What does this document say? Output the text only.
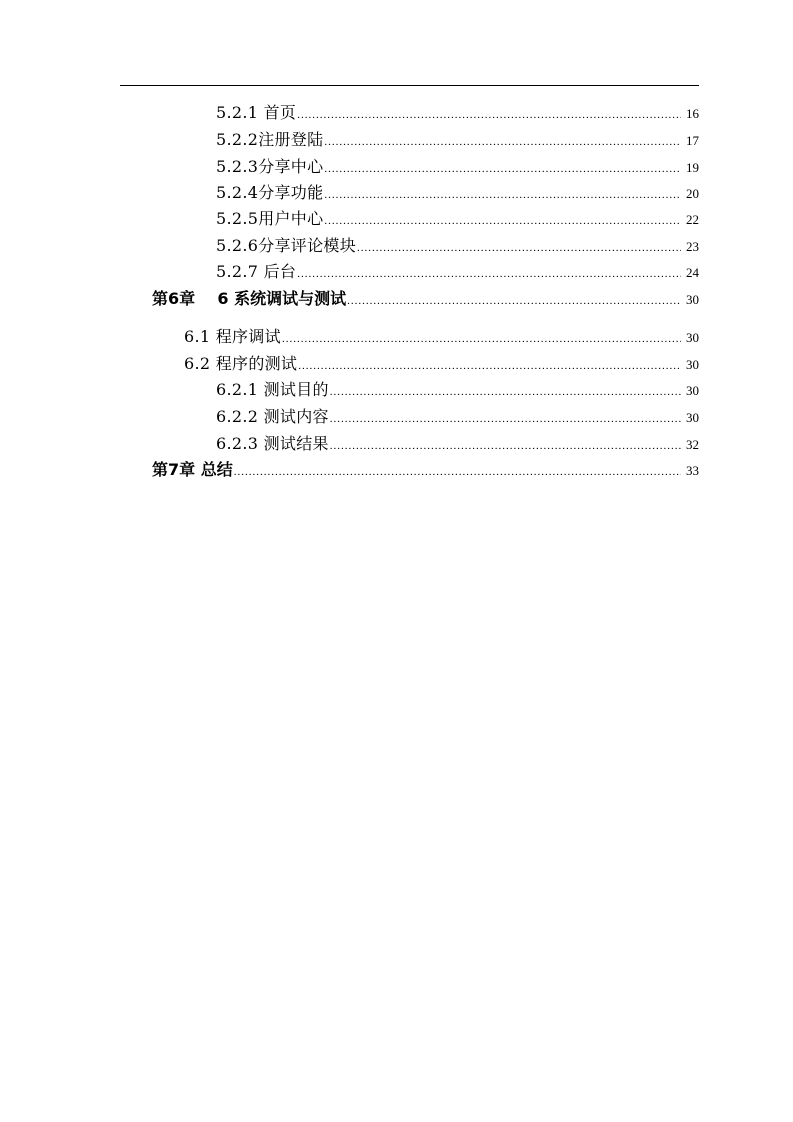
5.2.1 首页 .....	16
5.2.2注册登陆 .....	17
5.2.3分享中心 .....	19
5.2.4分享功能 .....	20
5.2.5用户中心 .....	22
5.2.6分享评论模块 .....	23
5.2.7 后台 .....	24
第6章    6 系统调试与测试 .....	30
6.1 程序调试 .....	30
6.2 程序的测试 .....	30
6.2.1 测试目的 .....	30
6.2.2 测试内容 .....	30
6.2.3 测试结果 .....	32
第7章 总结 .....	33
